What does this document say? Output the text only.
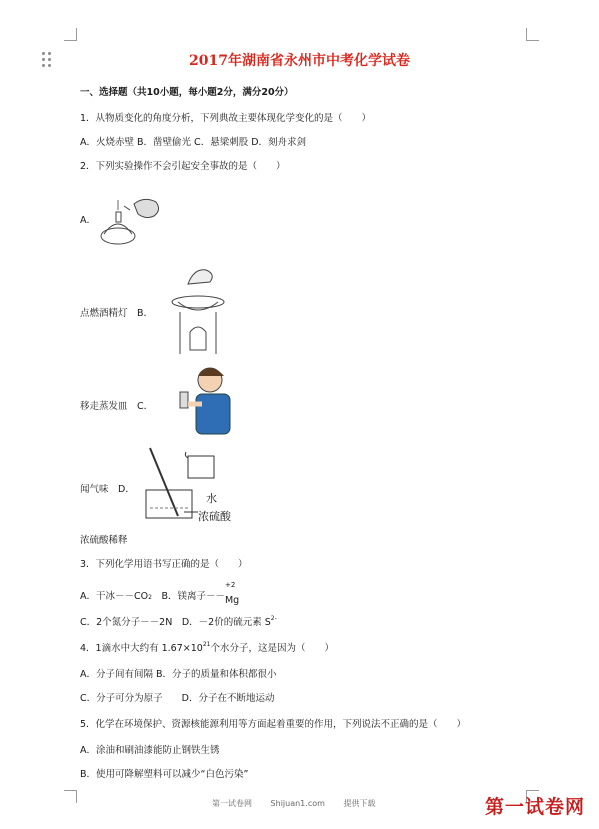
2017年湖南省永州市中考化学试卷
一、选择题（共10小题，每小题2分，满分20分）
1．从物质变化的角度分析，下列典故主要体现化学变化的是（　　）
A．火烧赤壁 B．凿壁偷光 C．悬梁刺股 D．刻舟求剑
2．下列实验操作不会引起安全事故的是（　　）
A．
点燃酒精灯　B．
移走蒸发皿　C．
闻气味　D．
水
浓硫酸
浓硫酸稀释
3．下列化学用语书写正确的是（　　）
A．干冰－－CO2　B．镁离子－－
+2
Mg
C．2个氮分子－－2N　D．－2价的硫元素 $S^{2-}$
4．1滴水中大约有 $1.67\times 10^{21}$个水分子，这是因为（　　）
A．分子间有间隔 B．分子的质量和体积都很小
C．分子可分为原子　　D．分子在不断地运动
5．化学在环境保护、资源核能源利用等方面起着重要的作用，下列说法不正确的是（　　）
A．涂油和刷油漆能防止钢铁生锈
B．使用可降解塑料可以减少“白色污染”
第一试卷网 Shijuan1.com 提供下载	第一试卷网
